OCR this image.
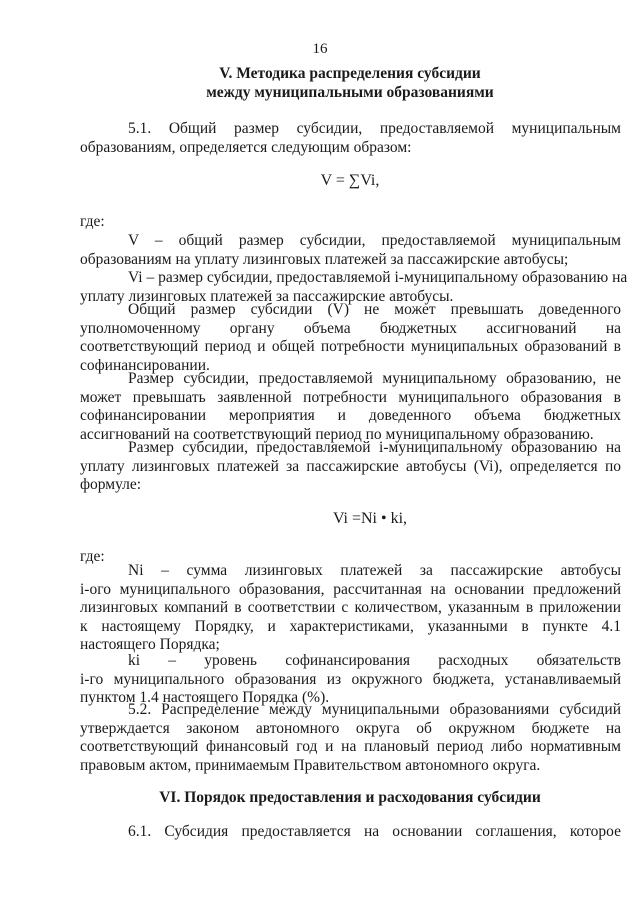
16
V. Методика распределения субсидии
между муниципальными образованиями
5.1. Общий размер субсидии, предоставляемой муниципальным
образованиям, определяется следующим образом:
V = ∑Vi,
где:
V – общий размер субсидии, предоставляемой муниципальным
образованиям на уплату лизинговых платежей за пассажирские автобусы;
Vi – размер субсидии, предоставляемой i-муниципальному образованию на
уплату лизинговых платежей за пассажирские автобусы.
Общий размер субсидии (V) не может превышать доведенного
уполномоченному органу объема бюджетных ассигнований на
соответствующий период и общей потребности муниципальных образований в
софинансировании.
Размер субсидии, предоставляемой муниципальному образованию, не
может превышать заявленной потребности муниципального образования в
софинансировании мероприятия и доведенного объема бюджетных
ассигнований на соответствующий период по муниципальному образованию.
Размер субсидии, предоставляемой i-муниципальному образованию на
уплату лизинговых платежей за пассажирские автобусы (Vi), определяется по
формуле:
Vi =Ni • ki,
где:
Ni – сумма лизинговых платежей за пассажирские автобусы
i-ого муниципального образования, рассчитанная на основании предложений
лизинговых компаний в соответствии с количеством, указанным в приложении
к настоящему Порядку, и характеристиками, указанными в пункте 4.1
настоящего Порядка;
ki – уровень софинансирования расходных обязательств
i-го муниципального образования из окружного бюджета, устанавливаемый
пунктом 1.4 настоящего Порядка (%).
5.2. Распределение между муниципальными образованиями субсидий
утверждается законом автономного округа об окружном бюджете на
соответствующий финансовый год и на плановый период либо нормативным
правовым актом, принимаемым Правительством автономного округа.
VI. Порядок предоставления и расходования субсидии
6.1. Субсидия предоставляется на основании соглашения, которое
